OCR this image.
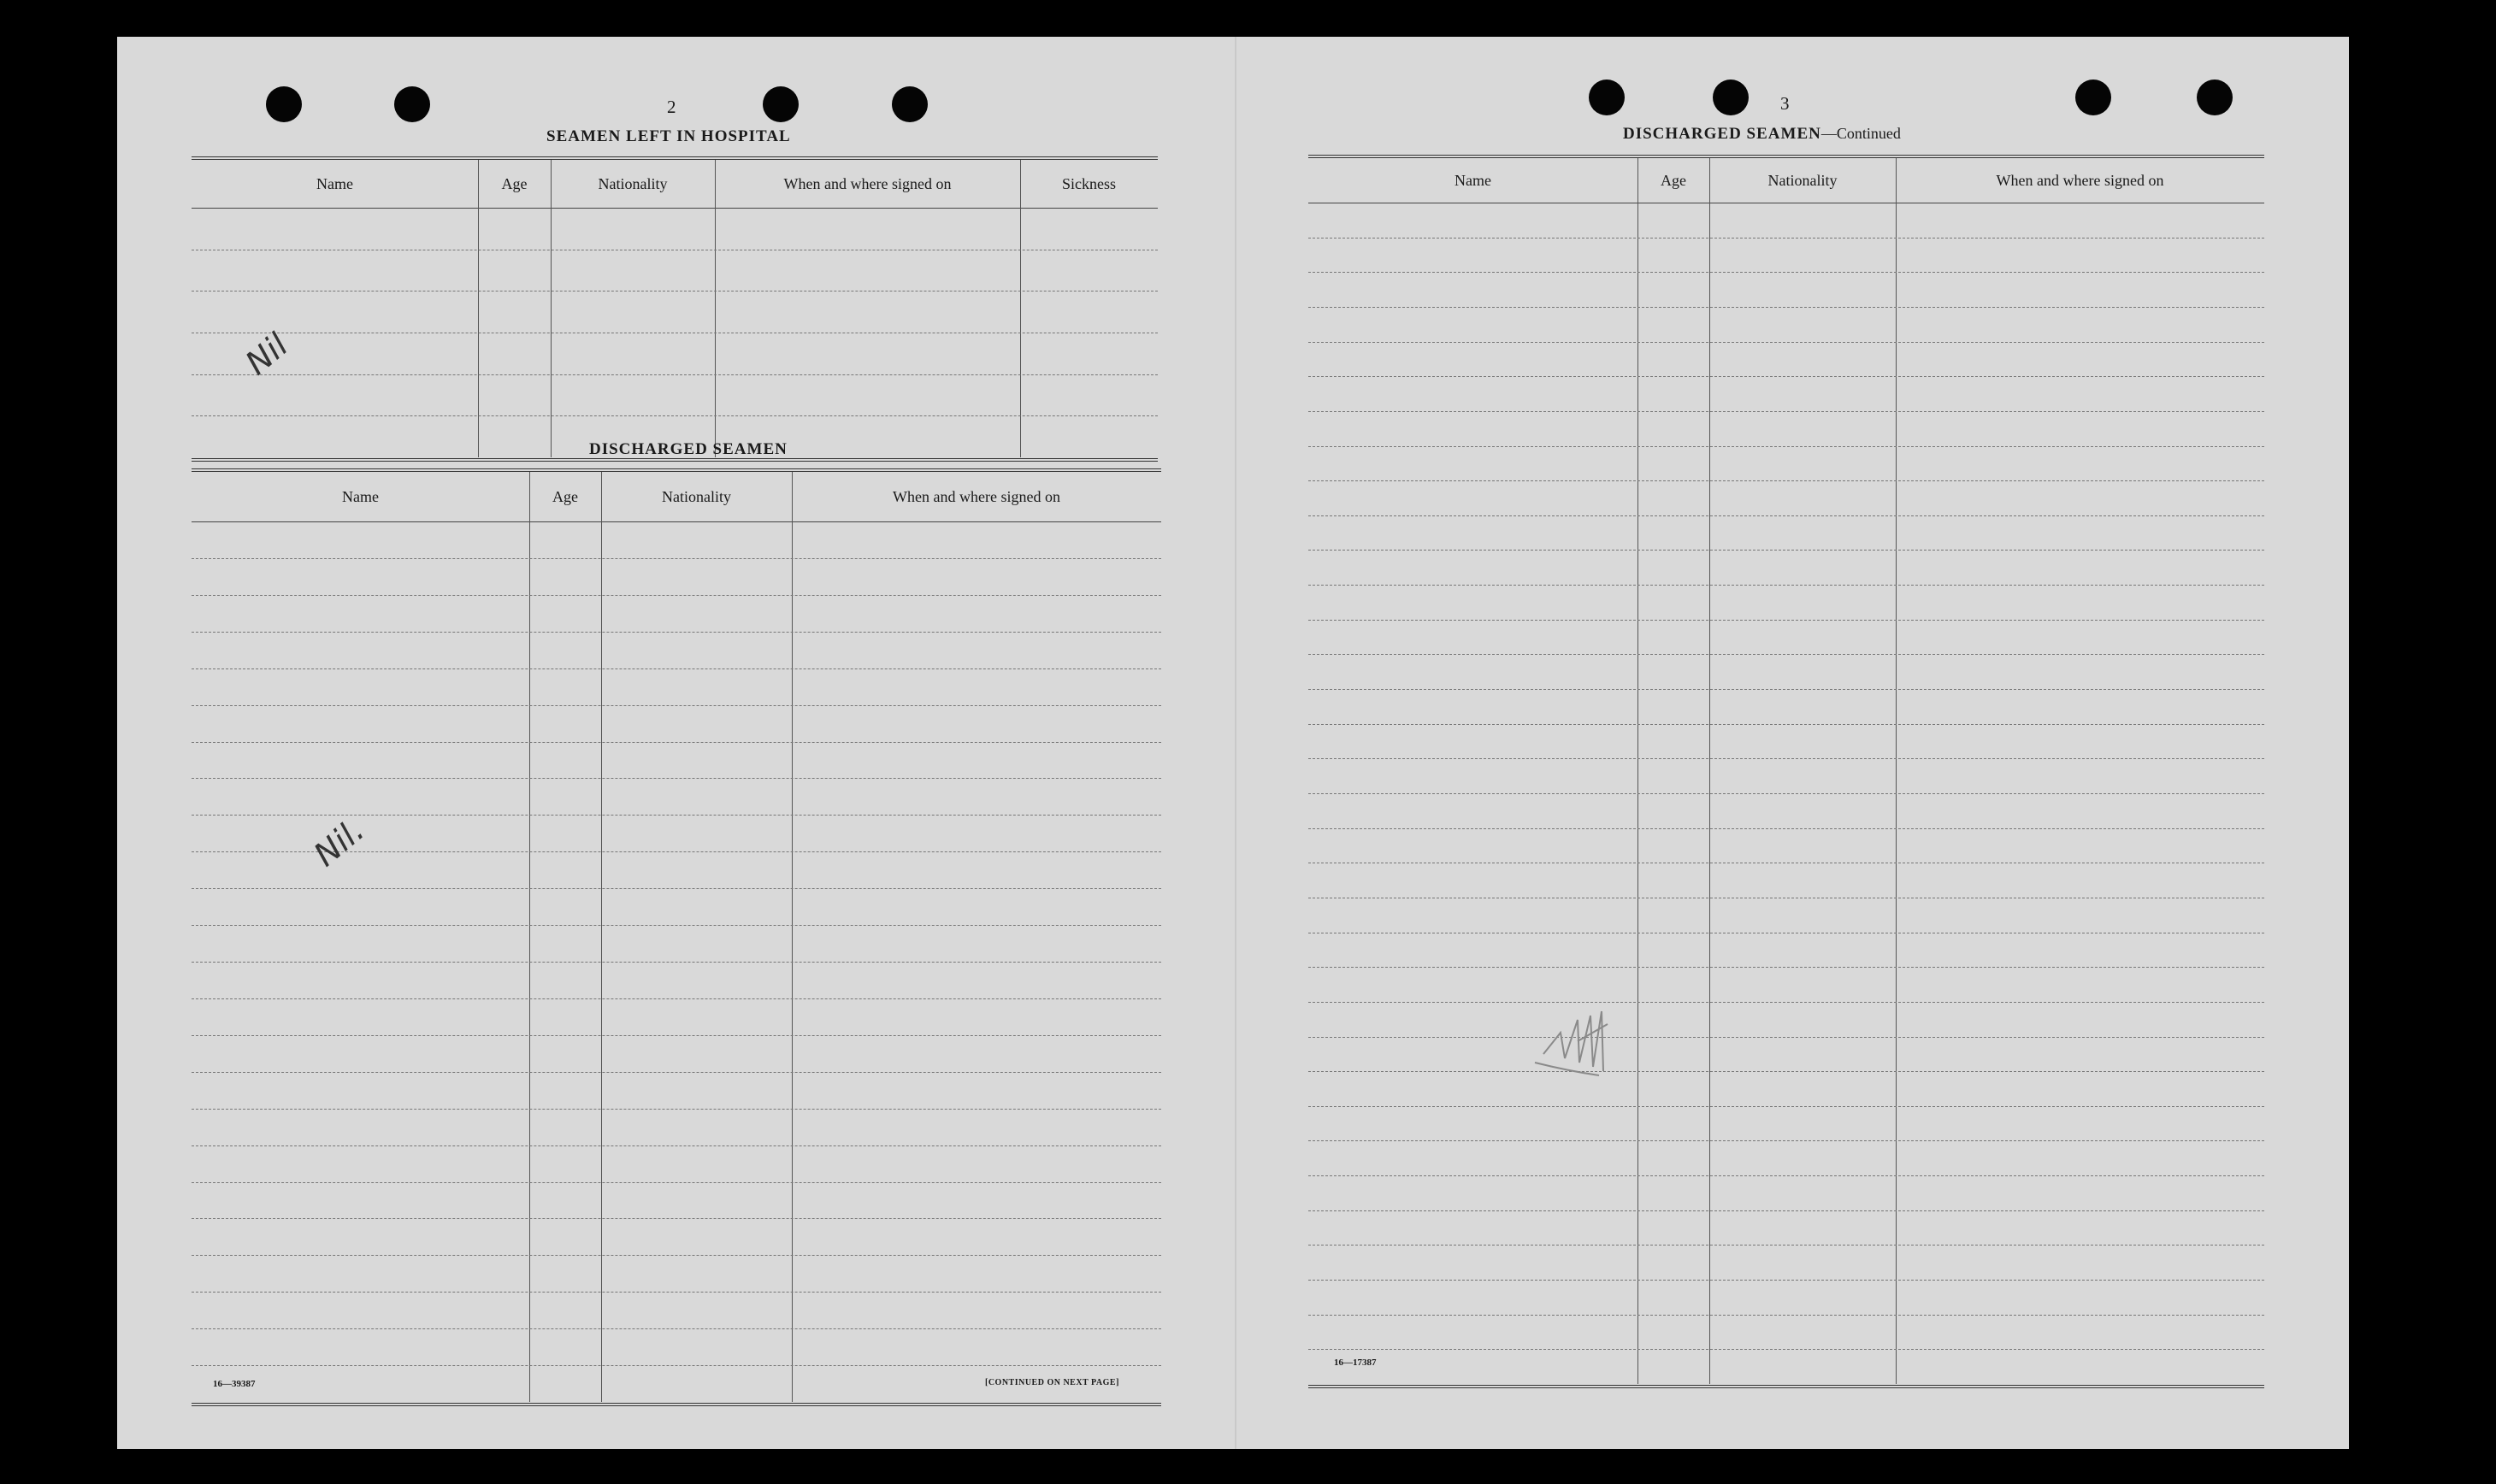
2
SEAMEN LEFT IN HOSPITAL
Name	Age	Nationality	When and where signed on	Sickness
DISCHARGED SEAMEN
Name	Age	Nationality	When and where signed on
Nil
Nil.
16—39387	[CONTINUED ON NEXT PAGE]
3
DISCHARGED SEAMEN—Continued
Name	Age	Nationality	When and where signed on
16—17387
